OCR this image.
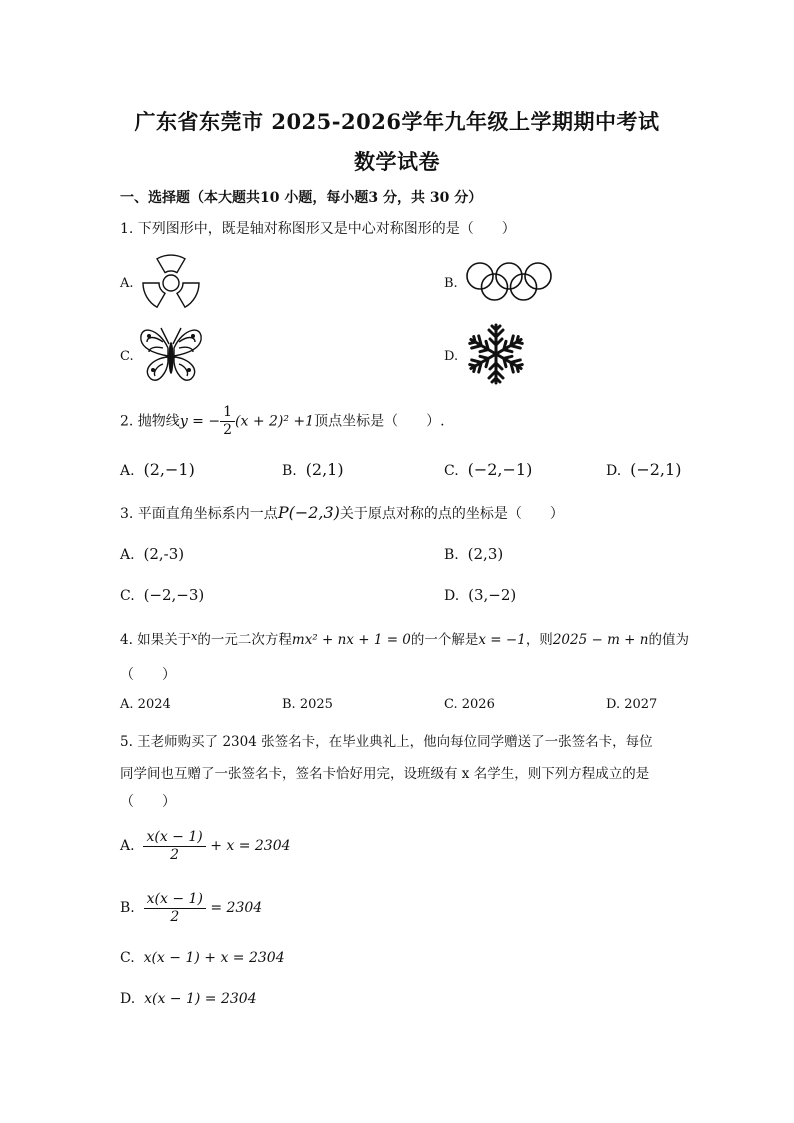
广东省东莞市 2025-2026学年九年级上学期期中考试
数学试卷
一、选择题（本大题共10 小题，每小题3 分，共 30 分）
1. 下列图形中，既是轴对称图形又是中心对称图形的是（　　）
A.	B.
C.	D.
2. 抛物线y = − $\frac{1}{2} (x + 2)^2 +1$顶点坐标是（　　）.
A. (2,−1)	B. (2,1)	C. (−2,−1)	D. (−2,1)
3. 平面直角坐标系内一点P(−2,3)关于原点对称的点的坐标是（　　）
A. (2,-3)	B. (2,3)
C. (−2,−3)	D. (3,−2)
4. 如果关于$^x$的一元二次方程mx² + nx + 1 = 0的一个解是x = −1，则2025 − m + n的值为
（　　）
A. 2024	B. 2025	C. 2026	D. 2027
5. 王老师购买了 2304 张签名卡，在毕业典礼上，他向每位同学赠送了一张签名卡，每位
同学间也互赠了一张签名卡，签名卡恰好用完，设班级有 x 名学生，则下列方程成立的是
（　　）
A. $\frac{x(x - 1)}{2} + x = 2304$
B. $\frac{x(x - 1)}{2} = 2304$
C. x(x − 1) + x = 2304
D. x(x − 1) = 2304
